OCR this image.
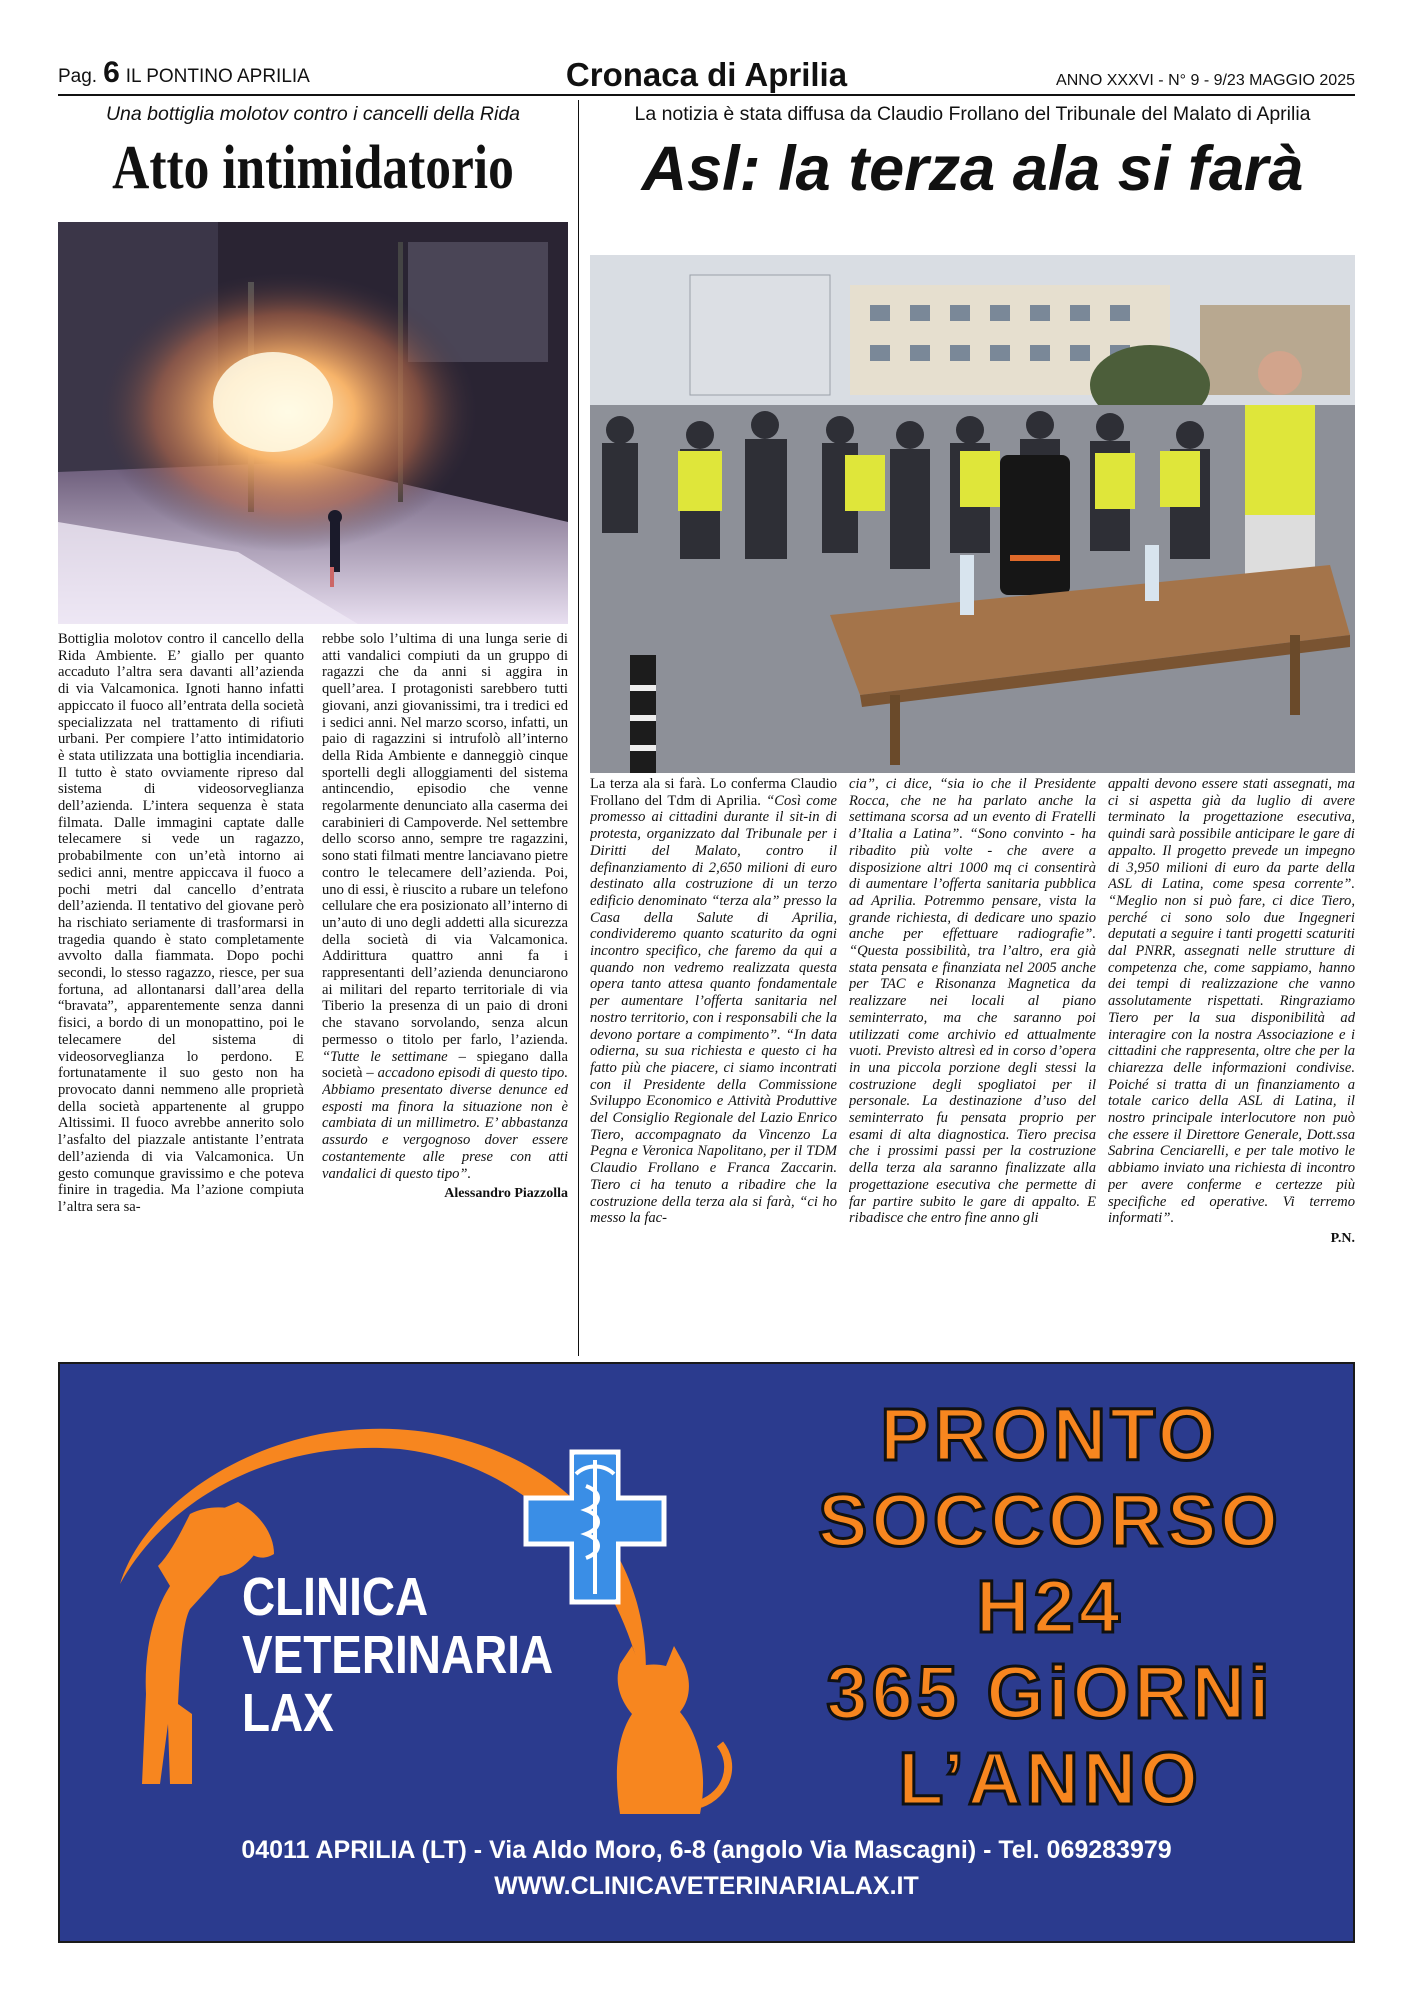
Pag. 6 IL PONTINO APRILIA	Cronaca di Aprilia	ANNO XXXVI - N° 9 - 9/23 MAGGIO 2025
Una bottiglia molotov contro i cancelli della Rida
Atto intimidatorio

Bottiglia molotov contro il cancello della Rida Ambiente. E’ giallo per quanto accaduto l’altra sera davanti all’azienda di via Valcamonica. Ignoti hanno infatti appiccato il fuoco all’entrata della società specializzata nel trattamento di rifiuti urbani. Per compiere l’atto intimidatorio è stata utilizzata una bottiglia incendiaria. Il tutto è stato ovviamente ripreso dal sistema di videosorveglianza dell’azienda. L’intera sequenza è stata filmata. Dalle immagini captate dalle telecamere si vede un ragazzo, probabilmente con un’età intorno ai sedici anni, mentre appiccava il fuoco a pochi metri dal cancello d’entrata dell’azienda. Il tentativo del giovane però ha rischiato seriamente di trasformarsi in tragedia quando è stato completamente avvolto dalla fiammata. Dopo pochi secondi, lo stesso ragazzo, riesce, per sua fortuna, ad allontanarsi dall’area della “bravata”, apparentemente senza danni fisici, a bordo di un monopattino, poi le telecamere del sistema di videosorveglianza lo perdono. E fortunatamente il suo gesto non ha provocato danni nemmeno alle proprietà della società appartenente al gruppo Altissimi. Il fuoco avrebbe annerito solo l’asfalto del piazzale antistante l’entrata dell’azienda di via Valcamonica. Un gesto comunque gravissimo e che poteva finire in tragedia. Ma l’azione compiuta l’altra sera sa-

rebbe solo l’ultima di una lunga serie di atti vandalici compiuti da un gruppo di ragazzi che da anni si aggira in quell’area. I protagonisti sarebbero tutti giovani, anzi giovanissimi, tra i tredici ed i sedici anni. Nel marzo scorso, infatti, un paio di ragazzini si intrufolò all’interno della Rida Ambiente e danneggiò cinque sportelli degli alloggiamenti del sistema antincendio, episodio che venne regolarmente denunciato alla caserma dei carabinieri di Campoverde. Nel settembre dello scorso anno, sempre tre ragazzini, sono stati filmati mentre lanciavano pietre contro le telecamere dell’azienda. Poi, uno di essi, è riuscito a rubare un telefono cellulare che era posizionato all’interno di un’auto di uno degli addetti alla sicurezza della società di via Valcamonica. Addirittura quattro anni fa i rappresentanti dell’azienda denunciarono ai militari del reparto territoriale di via Tiberio la presenza di un paio di droni che stavano sorvolando, senza alcun permesso o titolo per farlo, l’azienda. “Tutte le settimane – spiegano dalla società – accadono episodi di questo tipo. Abbiamo presentato diverse denunce ed esposti ma finora la situazione non è cambiata di un millimetro. E’ abbastanza assurdo e vergognoso dover essere costantemente alle prese con atti vandalici di questo tipo”.

Alessandro Piazzolla
La notizia è stata diffusa da Claudio Frollano del Tribunale del Malato di Aprilia
Asl: la terza ala si farà

La terza ala si farà. Lo conferma Claudio Frollano del Tdm di Aprilia. “Così come promesso ai cittadini durante il sit-in di protesta, organizzato dal Tribunale per i Diritti del Malato, contro il definanziamento di 2,650 milioni di euro destinato alla costruzione di un terzo edificio denominato “terza ala” presso la Casa della Salute di Aprilia, condivideremo quanto scaturito da ogni incontro specifico, che faremo da qui a quando non vedremo realizzata questa opera tanto attesa quanto fondamentale per aumentare l’offerta sanitaria nel nostro territorio, con i responsabili che la devono portare a compimento”. “In data odierna, su sua richiesta e questo ci ha fatto più che piacere, ci siamo incontrati con il Presidente della Commissione Sviluppo Economico e Attività Produttive del Consiglio Regionale del Lazio Enrico Tiero, accompagnato da Vincenzo La Pegna e Veronica Napolitano, per il TDM Claudio Frollano e Franca Zaccarin. Tiero ci ha tenuto a ribadire che la costruzione della terza ala si farà, “ci ho messo la fac-

cia”, ci dice, “sia io che il Presidente Rocca, che ne ha parlato anche la settimana scorsa ad un evento di Fratelli d’Italia a Latina”. “Sono convinto - ha ribadito più volte - che avere a disposizione altri 1000 mq ci consentirà di aumentare l’offerta sanitaria pubblica ad Aprilia. Potremmo pensare, vista la grande richiesta, di dedicare uno spazio anche per effettuare radiografie”. “Questa possibilità, tra l’altro, era già stata pensata e finanziata nel 2005 anche per TAC e Risonanza Magnetica da realizzare nei locali al piano seminterrato, ma che saranno poi utilizzati come archivio ed attualmente vuoti. Previsto altresì ed in corso d’opera in una piccola porzione degli stessi la costruzione degli spogliatoi per il personale. La destinazione d’uso del seminterrato fu pensata proprio per esami di alta diagnostica. Tiero precisa che i prossimi passi per la costruzione della terza ala saranno finalizzate alla progettazione esecutiva che permette di far partire subito le gare di appalto. E ribadisce che entro fine anno gli

appalti devono essere stati assegnati, ma ci si aspetta già da luglio di avere terminato la progettazione esecutiva, quindi sarà possibile anticipare le gare di appalto. Il progetto prevede un impegno di 3,950 milioni di euro da parte della ASL di Latina, come spesa corrente”. “Meglio non si può fare, ci dice Tiero, perché ci sono solo due Ingegneri deputati a seguire i tanti progetti scaturiti dal PNRR, assegnati nelle strutture di competenza che, come sappiamo, hanno dei tempi di realizzazione che vanno assolutamente rispettati. Ringraziamo Tiero per la sua disponibilità ad interagire con la nostra Associazione e i cittadini che rappresenta, oltre che per la chiarezza delle informazioni condivise. Poiché si tratta di un finanziamento a totale carico della ASL di Latina, il nostro principale interlocutore non può che essere il Direttore Generale, Dott.ssa Sabrina Cenciarelli, e per tale motivo le abbiamo inviato una richiesta di incontro per avere conferme e certezze più specifiche ed operative. Vi terremo informati”.

P.N.
CLINICA
VETERINARIA
LAX
PRONTO
SOCCORSO
H24
365 GiORNi
L’ANNO
04011 APRILIA (LT) - Via Aldo Moro, 6-8 (angolo Via Mascagni) - Tel. 069283979
WWW.CLINICAVETERINARIALAX.IT
